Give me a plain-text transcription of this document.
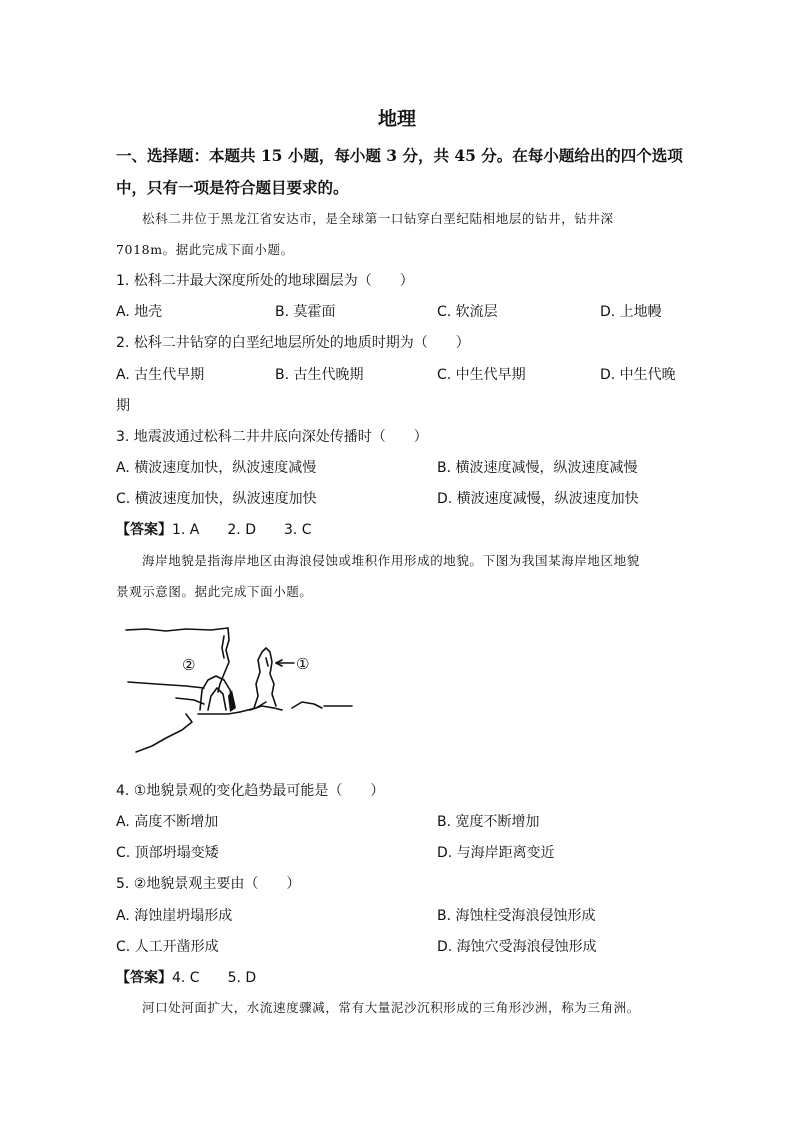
地理
一、选择题：本题共 15 小题，每小题 3 分，共 45 分。在每小题给出的四个选项
中，只有一项是符合题目要求的。
松科二井位于黑龙江省安达市，是全球第一口钻穿白垩纪陆相地层的钻井，钻井深
7018m。据此完成下面小题。
1. 松科二井最大深度所处的地球圈层为（　　）
A. 地壳	B. 莫霍面	C. 软流层	D. 上地幔
2. 松科二井钻穿的白垩纪地层所处的地质时期为（　　）
A. 古生代早期	B. 古生代晚期	C. 中生代早期	D. 中生代晚
期
3. 地震波通过松科二井井底向深处传播时（　　）
A. 横波速度加快，纵波速度减慢	B. 横波速度减慢，纵波速度减慢
C. 横波速度加快，纵波速度加快	D. 横波速度减慢，纵波速度加快
【答案】1. A　　2. D　　3. C
海岸地貌是指海岸地区由海浪侵蚀或堆积作用形成的地貌。下图为我国某海岸地区地貌
景观示意图。据此完成下面小题。
①
②
4. ①地貌景观的变化趋势最可能是（　　）
A. 高度不断增加	B. 宽度不断增加
C. 顶部坍塌变矮	D. 与海岸距离变近
5. ②地貌景观主要由（　　）
A. 海蚀崖坍塌形成	B. 海蚀柱受海浪侵蚀形成
C. 人工开凿形成	D. 海蚀穴受海浪侵蚀形成
【答案】4. C　　5. D
河口处河面扩大，水流速度骤减，常有大量泥沙沉积形成的三角形沙洲，称为三角洲。
